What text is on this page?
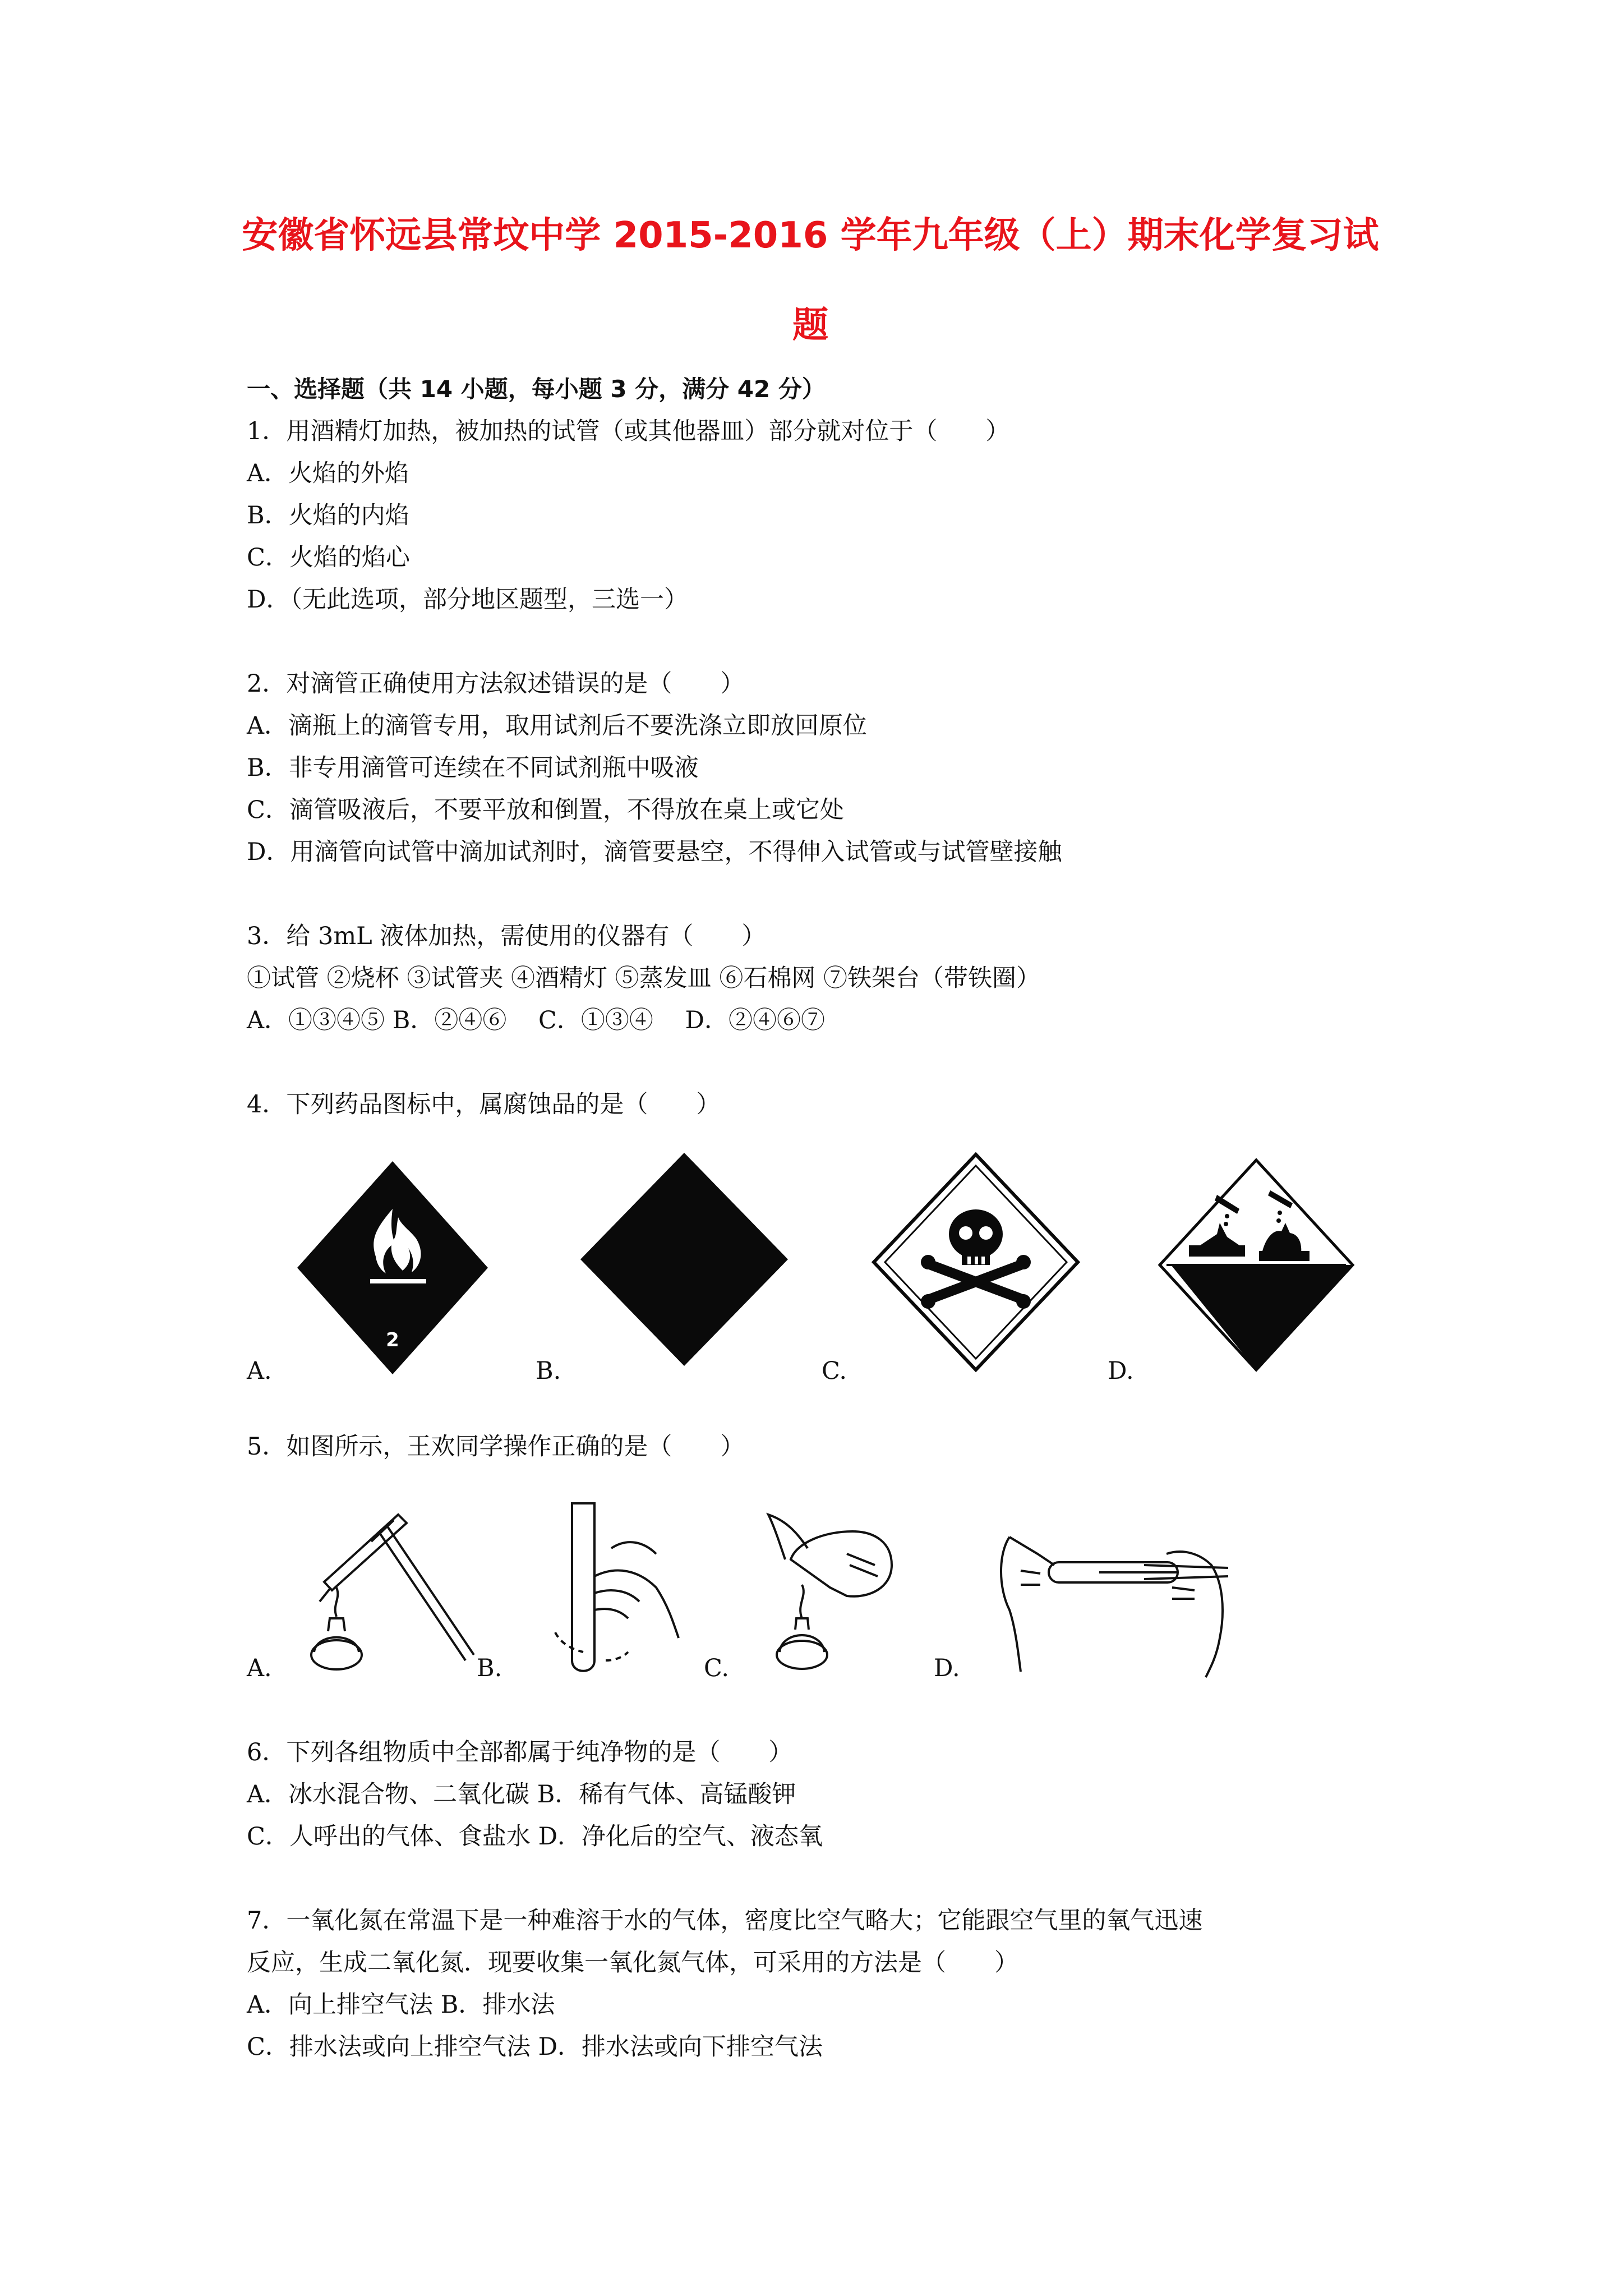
安徽省怀远县常坟中学 2015-2016 学年九年级（上）期末化学复习试
题
一、选择题（共 14 小题，每小题 3 分，满分 42 分）
1．用酒精灯加热，被加热的试管（或其他器皿）部分就对位于（　　）
A．火焰的外焰
B．火焰的内焰
C．火焰的焰心
D．（无此选项，部分地区题型，三选一）
2．对滴管正确使用方法叙述错误的是（　　）
A．滴瓶上的滴管专用，取用试剂后不要洗涤立即放回原位
B．非专用滴管可连续在不同试剂瓶中吸液
C．滴管吸液后，不要平放和倒置，不得放在桌上或它处
D．用滴管向试管中滴加试剂时，滴管要悬空，不得伸入试管或与试管壁接触
3．给 3mL 液体加热，需使用的仪器有（　　）
①试管 ②烧杯 ③试管夹 ④酒精灯 ⑤蒸发皿 ⑥石棉网 ⑦铁架台（带铁圈）
A．①③④⑤ B．②④⑥　 C．①③④　 D．②④⑥⑦
4．下列药品图标中，属腐蚀品的是（　　）
2
A.	B.	C.	D.
5．如图所示，王欢同学操作正确的是（　　）
A.	B.	C.	D.
6．下列各组物质中全部都属于纯净物的是（　　）
A．冰水混合物、二氧化碳 B．稀有气体、高锰酸钾
C．人呼出的气体、食盐水 D．净化后的空气、液态氧
7．一氧化氮在常温下是一种难溶于水的气体，密度比空气略大；它能跟空气里的氧气迅速
反应，生成二氧化氮．现要收集一氧化氮气体，可采用的方法是（　　）
A．向上排空气法 B．排水法
C．排水法或向上排空气法 D．排水法或向下排空气法
